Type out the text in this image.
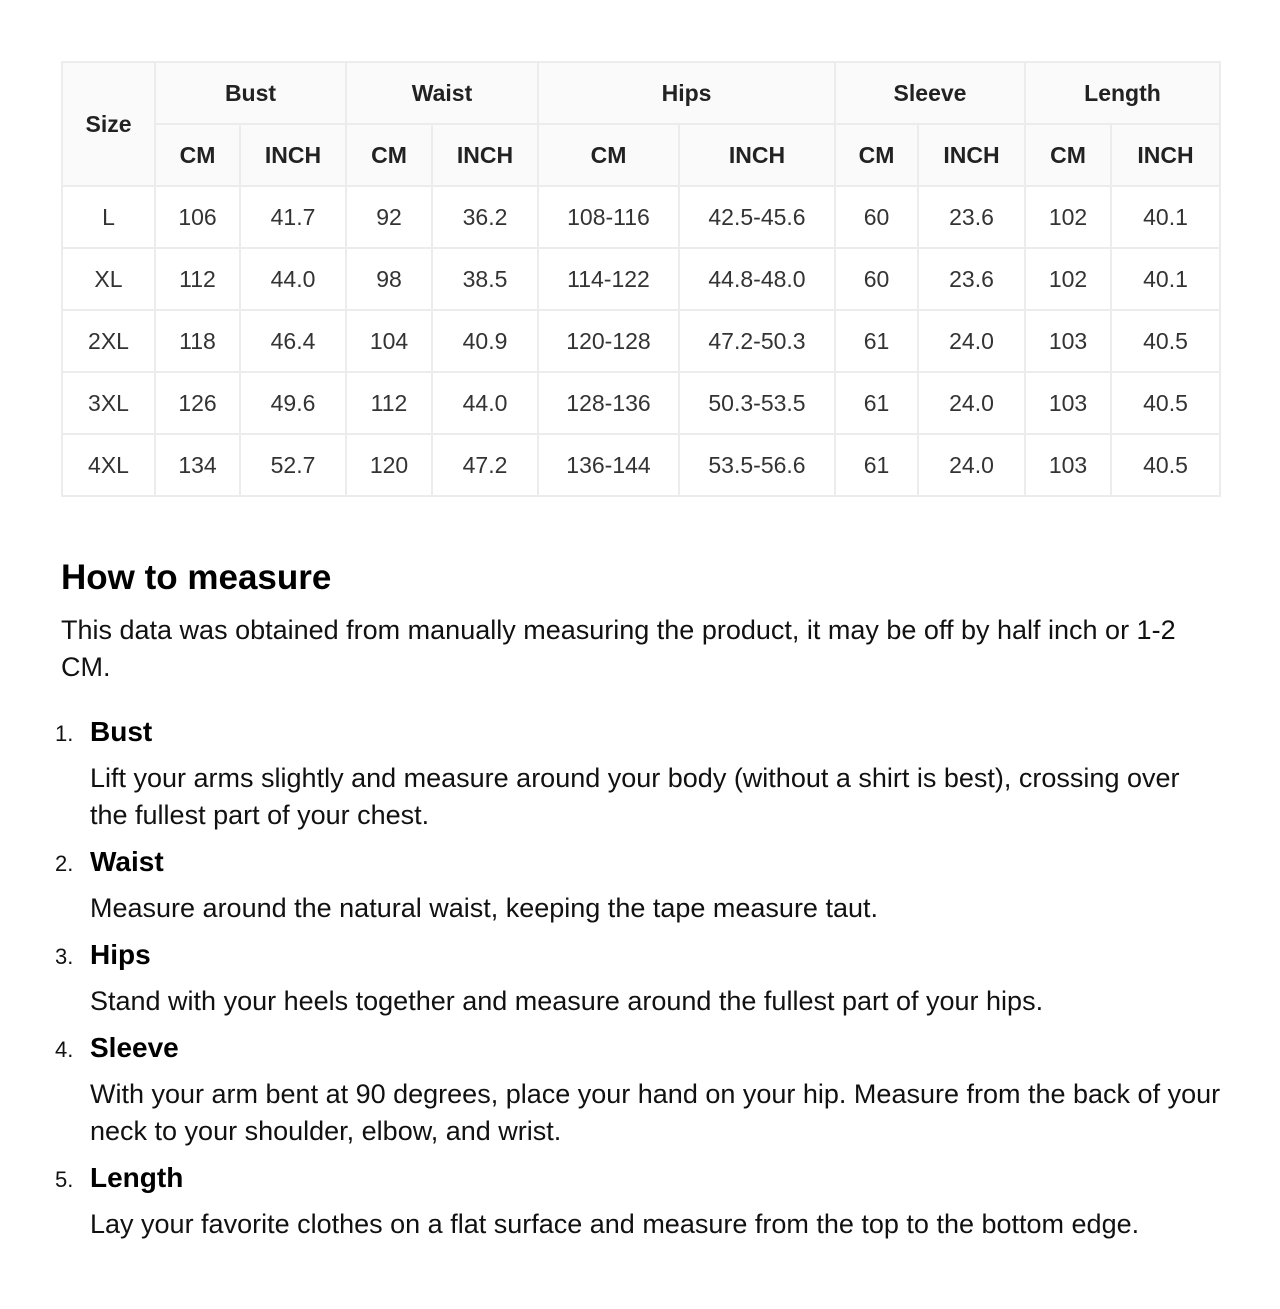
Size	Bust		Waist		Hips		Sleeve		Length	
	CM	INCH	CM	INCH	CM	INCH	CM	INCH	CM	INCH
L	106	41.7	92	36.2	108-116	42.5-45.6	60	23.6	102	40.1
XL	112	44.0	98	38.5	114-122	44.8-48.0	60	23.6	102	40.1
2XL	118	46.4	104	40.9	120-128	47.2-50.3	61	24.0	103	40.5
3XL	126	49.6	112	44.0	128-136	50.3-53.5	61	24.0	103	40.5
4XL	134	52.7	120	47.2	136-144	53.5-56.6	61	24.0	103	40.5
How to measure

This data was obtained from manually measuring the product, it may be off by half inch or 1-2 CM.

1. Bust
Lift your arms slightly and measure around your body (without a shirt is best), crossing over the fullest part of your chest.
2. Waist
Measure around the natural waist, keeping the tape measure taut.
3. Hips
Stand with your heels together and measure around the fullest part of your hips.
4. Sleeve
With your arm bent at 90 degrees, place your hand on your hip. Measure from the back of your neck to your shoulder, elbow, and wrist.
5. Length
Lay your favorite clothes on a flat surface and measure from the top to the bottom edge.
